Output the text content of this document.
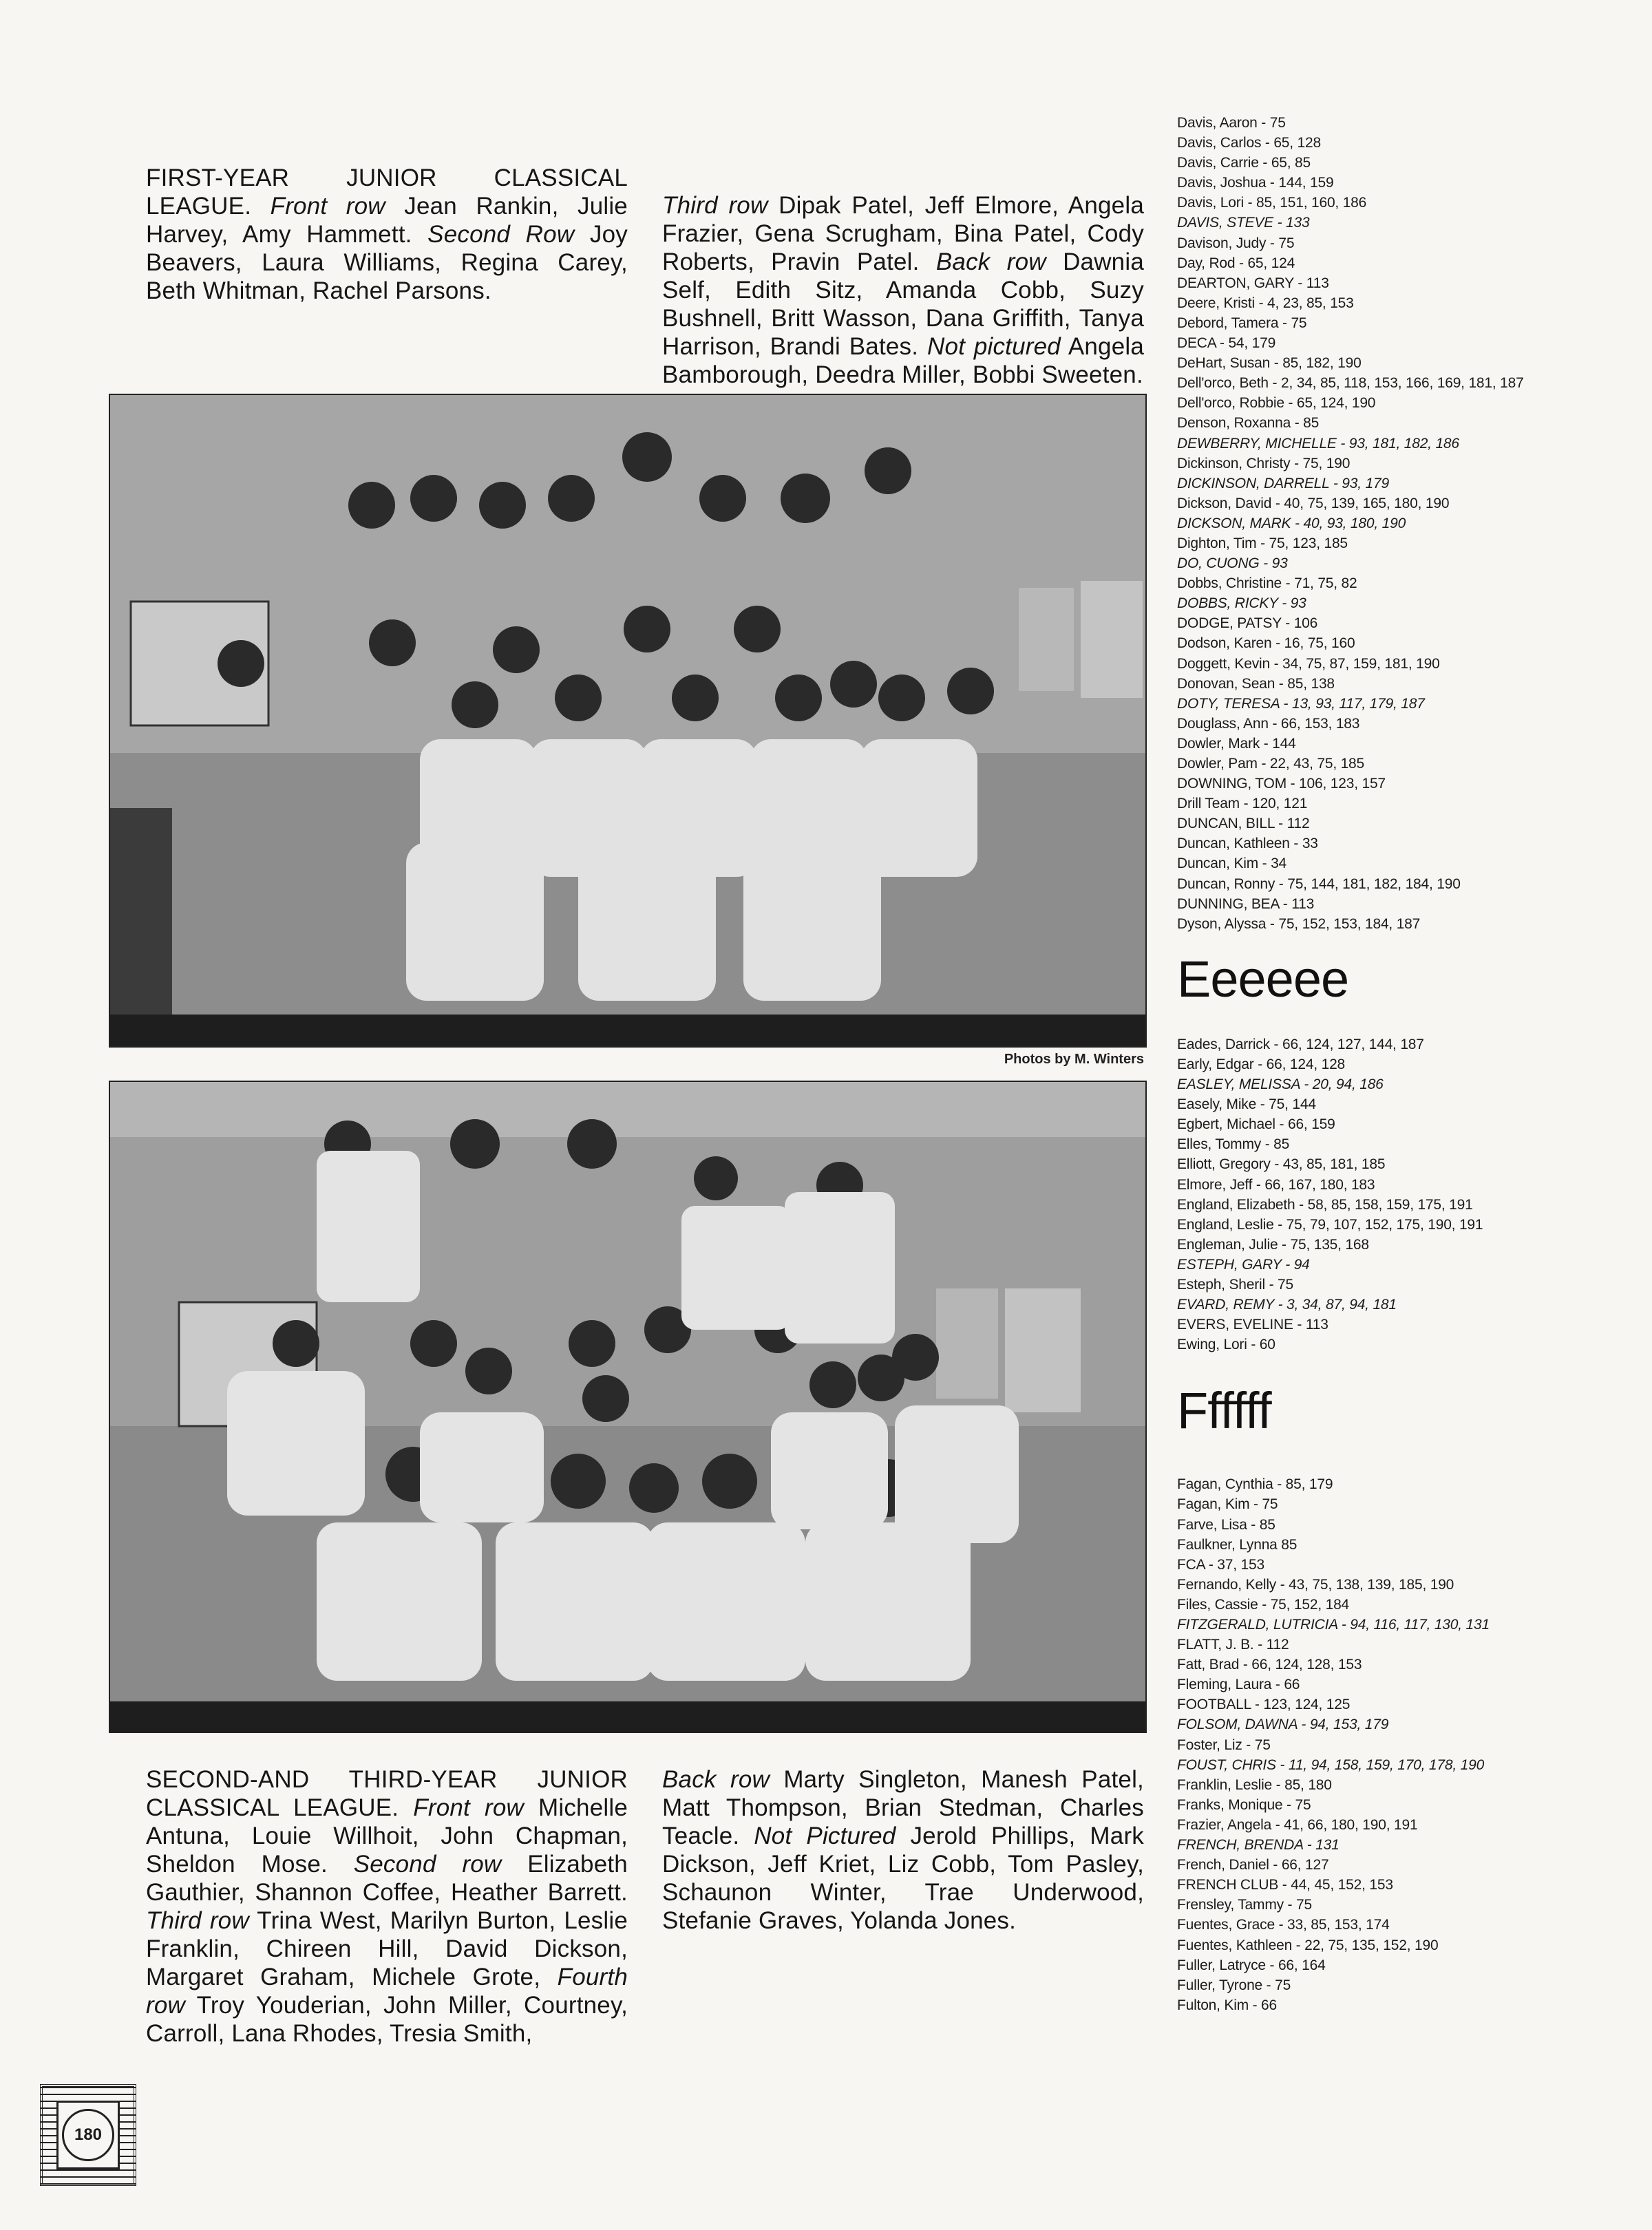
FIRST-YEAR JUNIOR CLASSICAL LEAGUE. Front row Jean Rankin, Julie Harvey, Amy Hammett. Second Row Joy Beavers, Laura Williams, Regina Carey, Beth Whitman, Rachel Parsons.
Third row Dipak Patel, Jeff Elmore, Angela Frazier, Gena Scrugham, Bina Patel, Cody Roberts, Pravin Patel. Back row Dawnia Self, Edith Sitz, Amanda Cobb, Suzy Bushnell, Britt Wasson, Dana Griffith, Tanya Harrison, Brandi Bates. Not pictured Angela Bamborough, Deedra Miller, Bobbi Sweeten.
Photos by M. Winters
SECOND-AND THIRD-YEAR JUNIOR CLASSICAL LEAGUE. Front row Michelle Antuna, Louie Willhoit, John Chapman, Sheldon Mose. Second row Elizabeth Gauthier, Shannon Coffee, Heather Barrett. Third row Trina West, Marilyn Burton, Leslie Franklin, Chireen Hill, David Dickson, Margaret Graham, Michele Grote, Fourth row Troy Youderian, John Miller, Courtney, Carroll, Lana Rhodes, Tresia Smith,
Back row Marty Singleton, Manesh Patel, Matt Thompson, Brian Stedman, Charles Teacle. Not Pictured Jerold Phillips, Mark Dickson, Jeff Kriet, Liz Cobb, Tom Pasley, Schaunon Winter, Trae Underwood, Stefanie Graves, Yolanda Jones.
Davis, Aaron - 75
Davis, Carlos - 65, 128
Davis, Carrie - 65, 85
Davis, Joshua - 144, 159
Davis, Lori - 85, 151, 160, 186
DAVIS, STEVE - 133
Davison, Judy - 75
Day, Rod - 65, 124
DEARTON, GARY - 113
Deere, Kristi - 4, 23, 85, 153
Debord, Tamera - 75
DECA - 54, 179
DeHart, Susan - 85, 182, 190
Dell'orco, Beth - 2, 34, 85, 118, 153, 166, 169, 181, 187
Dell'orco, Robbie - 65, 124, 190
Denson, Roxanna - 85
DEWBERRY, MICHELLE - 93, 181, 182, 186
Dickinson, Christy - 75, 190
DICKINSON, DARRELL - 93, 179
Dickson, David - 40, 75, 139, 165, 180, 190
DICKSON, MARK - 40, 93, 180, 190
Dighton, Tim - 75, 123, 185
DO, CUONG - 93
Dobbs, Christine - 71, 75, 82
DOBBS, RICKY - 93
DODGE, PATSY - 106
Dodson, Karen - 16, 75, 160
Doggett, Kevin - 34, 75, 87, 159, 181, 190
Donovan, Sean - 85, 138
DOTY, TERESA - 13, 93, 117, 179, 187
Douglass, Ann - 66, 153, 183
Dowler, Mark - 144
Dowler, Pam - 22, 43, 75, 185
DOWNING, TOM - 106, 123, 157
Drill Team - 120, 121
DUNCAN, BILL - 112
Duncan, Kathleen - 33
Duncan, Kim - 34
Duncan, Ronny - 75, 144, 181, 182, 184, 190
DUNNING, BEA - 113
Dyson, Alyssa - 75, 152, 153, 184, 187
Eeeeee
Eades, Darrick - 66, 124, 127, 144, 187
Early, Edgar - 66, 124, 128
EASLEY, MELISSA - 20, 94, 186
Easely, Mike - 75, 144
Egbert, Michael - 66, 159
Elles, Tommy - 85
Elliott, Gregory - 43, 85, 181, 185
Elmore, Jeff - 66, 167, 180, 183
England, Elizabeth - 58, 85, 158, 159, 175, 191
England, Leslie - 75, 79, 107, 152, 175, 190, 191
Engleman, Julie - 75, 135, 168
ESTEPH, GARY - 94
Esteph, Sheril - 75
EVARD, REMY - 3, 34, 87, 94, 181
EVERS, EVELINE - 113
Ewing, Lori - 60
Ffffff
Fagan, Cynthia - 85, 179
Fagan, Kim - 75
Farve, Lisa - 85
Faulkner, Lynna 85
FCA - 37, 153
Fernando, Kelly - 43, 75, 138, 139, 185, 190
Files, Cassie - 75, 152, 184
FITZGERALD, LUTRICIA - 94, 116, 117, 130, 131
FLATT, J. B. - 112
Fatt, Brad - 66, 124, 128, 153
Fleming, Laura - 66
FOOTBALL - 123, 124, 125
FOLSOM, DAWNA - 94, 153, 179
Foster, Liz - 75
FOUST, CHRIS - 11, 94, 158, 159, 170, 178, 190
Franklin, Leslie - 85, 180
Franks, Monique - 75
Frazier, Angela - 41, 66, 180, 190, 191
FRENCH, BRENDA - 131
French, Daniel - 66, 127
FRENCH CLUB - 44, 45, 152, 153
Frensley, Tammy - 75
Fuentes, Grace - 33, 85, 153, 174
Fuentes, Kathleen - 22, 75, 135, 152, 190
Fuller, Latryce - 66, 164
Fuller, Tyrone - 75
Fulton, Kim - 66
180
